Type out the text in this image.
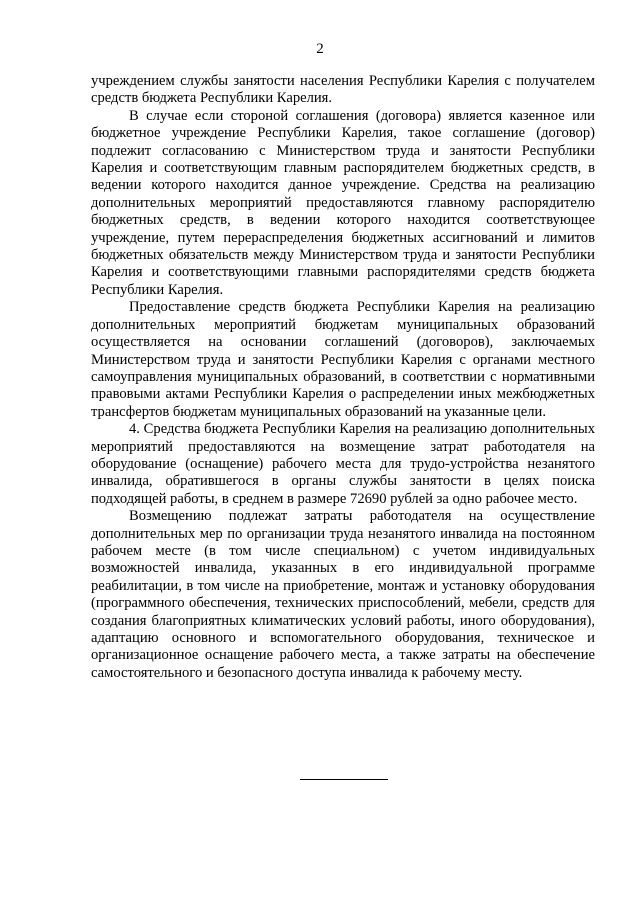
2

учреждением службы занятости населения Республики Карелия с получателем средств бюджета Республики Карелия.

В случае если стороной соглашения (договора) является казенное или бюджетное учреждение Республики Карелия, такое соглашение (договор) подлежит согласованию с Министерством труда и занятости Республики Карелия и соответствующим главным распорядителем бюджетных средств, в ведении которого находится данное учреждение. Средства на реализацию дополнительных мероприятий предоставляются главному распорядителю бюджетных средств, в ведении которого находится соответствующее учреждение, путем перераспределения бюджетных ассигнований и лимитов бюджетных обязательств между Министерством труда и занятости Республики Карелия и соответствующими главными распорядителями средств бюджета Республики Карелия.

Предоставление средств бюджета Республики Карелия на реализацию дополнительных мероприятий бюджетам муниципальных образований осуществляется на основании соглашений (договоров), заключаемых Министерством труда и занятости Республики Карелия с органами местного самоуправления муниципальных образований, в соответствии с нормативными правовыми актами Республики Карелия о распределении иных межбюджетных трансфертов бюджетам муниципальных образований на указанные цели.

4. Средства бюджета Республики Карелия на реализацию дополнительных мероприятий предоставляются на возмещение затрат работодателя на оборудование (оснащение) рабочего места для трудо-устройства незанятого инвалида, обратившегося в органы службы занятости в целях поиска подходящей работы, в среднем в размере 72690 рублей за одно рабочее место.

Возмещению подлежат затраты работодателя на осуществление дополнительных мер по организации труда незанятого инвалида на постоянном рабочем месте (в том числе специальном) с учетом индивидуальных возможностей инвалида, указанных в его индивидуальной программе реабилитации, в том числе на приобретение, монтаж и установку оборудования (программного обеспечения, технических приспособлений, мебели, средств для создания благоприятных климатических условий работы, иного оборудования), адаптацию основного и вспомогательного оборудования, техническое и организационное оснащение рабочего места, а также затраты на обеспечение самостоятельного и безопасного доступа инвалида к рабочему месту.
